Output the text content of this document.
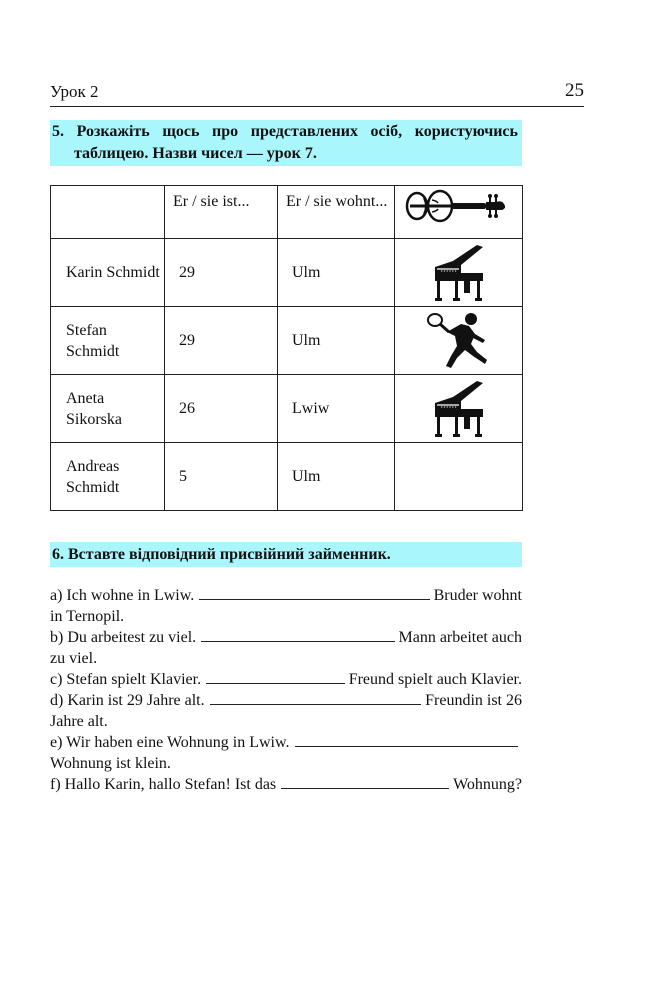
Урок 2	25
5. Розкажіть щось про представлених осіб, користуючись
таблицею. Назви чисел — урок 7.

	Er / sie ist...	Er / sie wohnt...

Karin Schmidt	29	Ulm	

Stefan Schmidt	29	Ulm	

Aneta Sikorska	26	Lwiw	

Andreas Schmidt	5	Ulm	
6. Вставте відповідний присвійний займенник.
a) Ich wohne in Lwiw.	Bruder wohnt
in Ternopil.
b) Du arbeitest zu viel.	Mann arbeitet auch
zu viel.
c) Stefan spielt Klavier.	Freund spielt auch Klavier.
d) Karin ist 29 Jahre alt.	Freundin ist 26
Jahre alt.
e) Wir haben eine Wohnung in Lwiw.
Wohnung ist klein.
f) Hallo Karin, hallo Stefan! Ist das	Wohnung?
